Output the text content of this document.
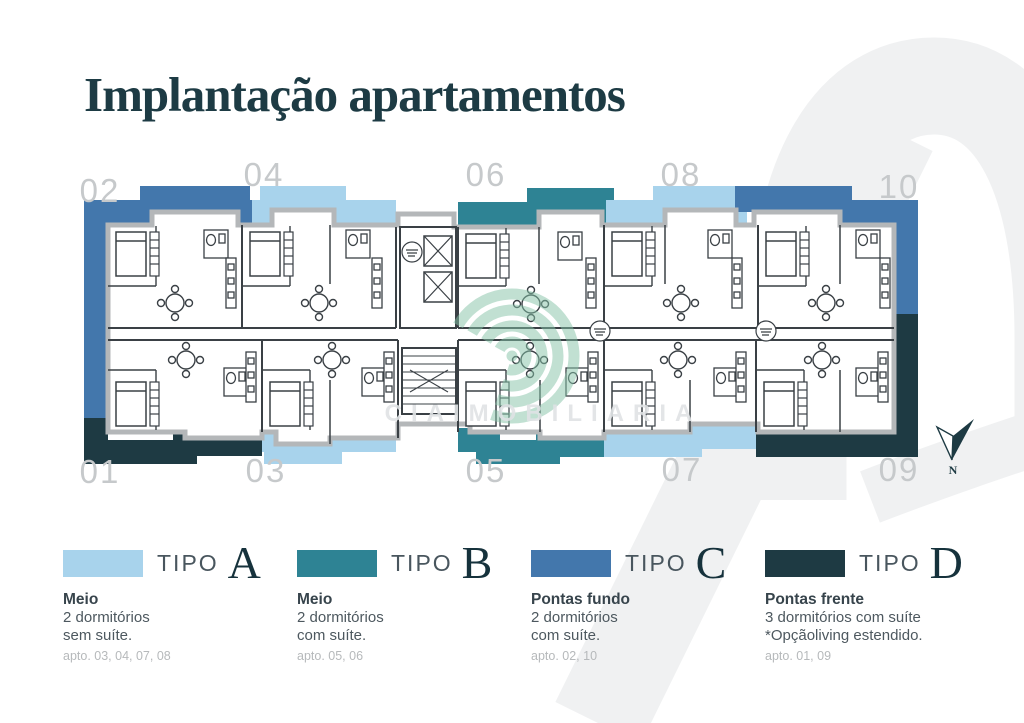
CIAIMOBILIARIA
02	04	06	08	10
01	03	05	07	09 N
Implantação apartamentos
TIPO A
Meio
2 dormitórios
sem suíte.
apto. 03, 04, 07, 08
TIPO B
Meio
2 dormitórios
com suíte.
apto. 05, 06
TIPO C
Pontas fundo
2 dormitórios
com suíte.
apto. 02, 10
TIPO D
Pontas frente
3 dormitórios com suíte
*Opçãoliving estendido.
apto. 01, 09
